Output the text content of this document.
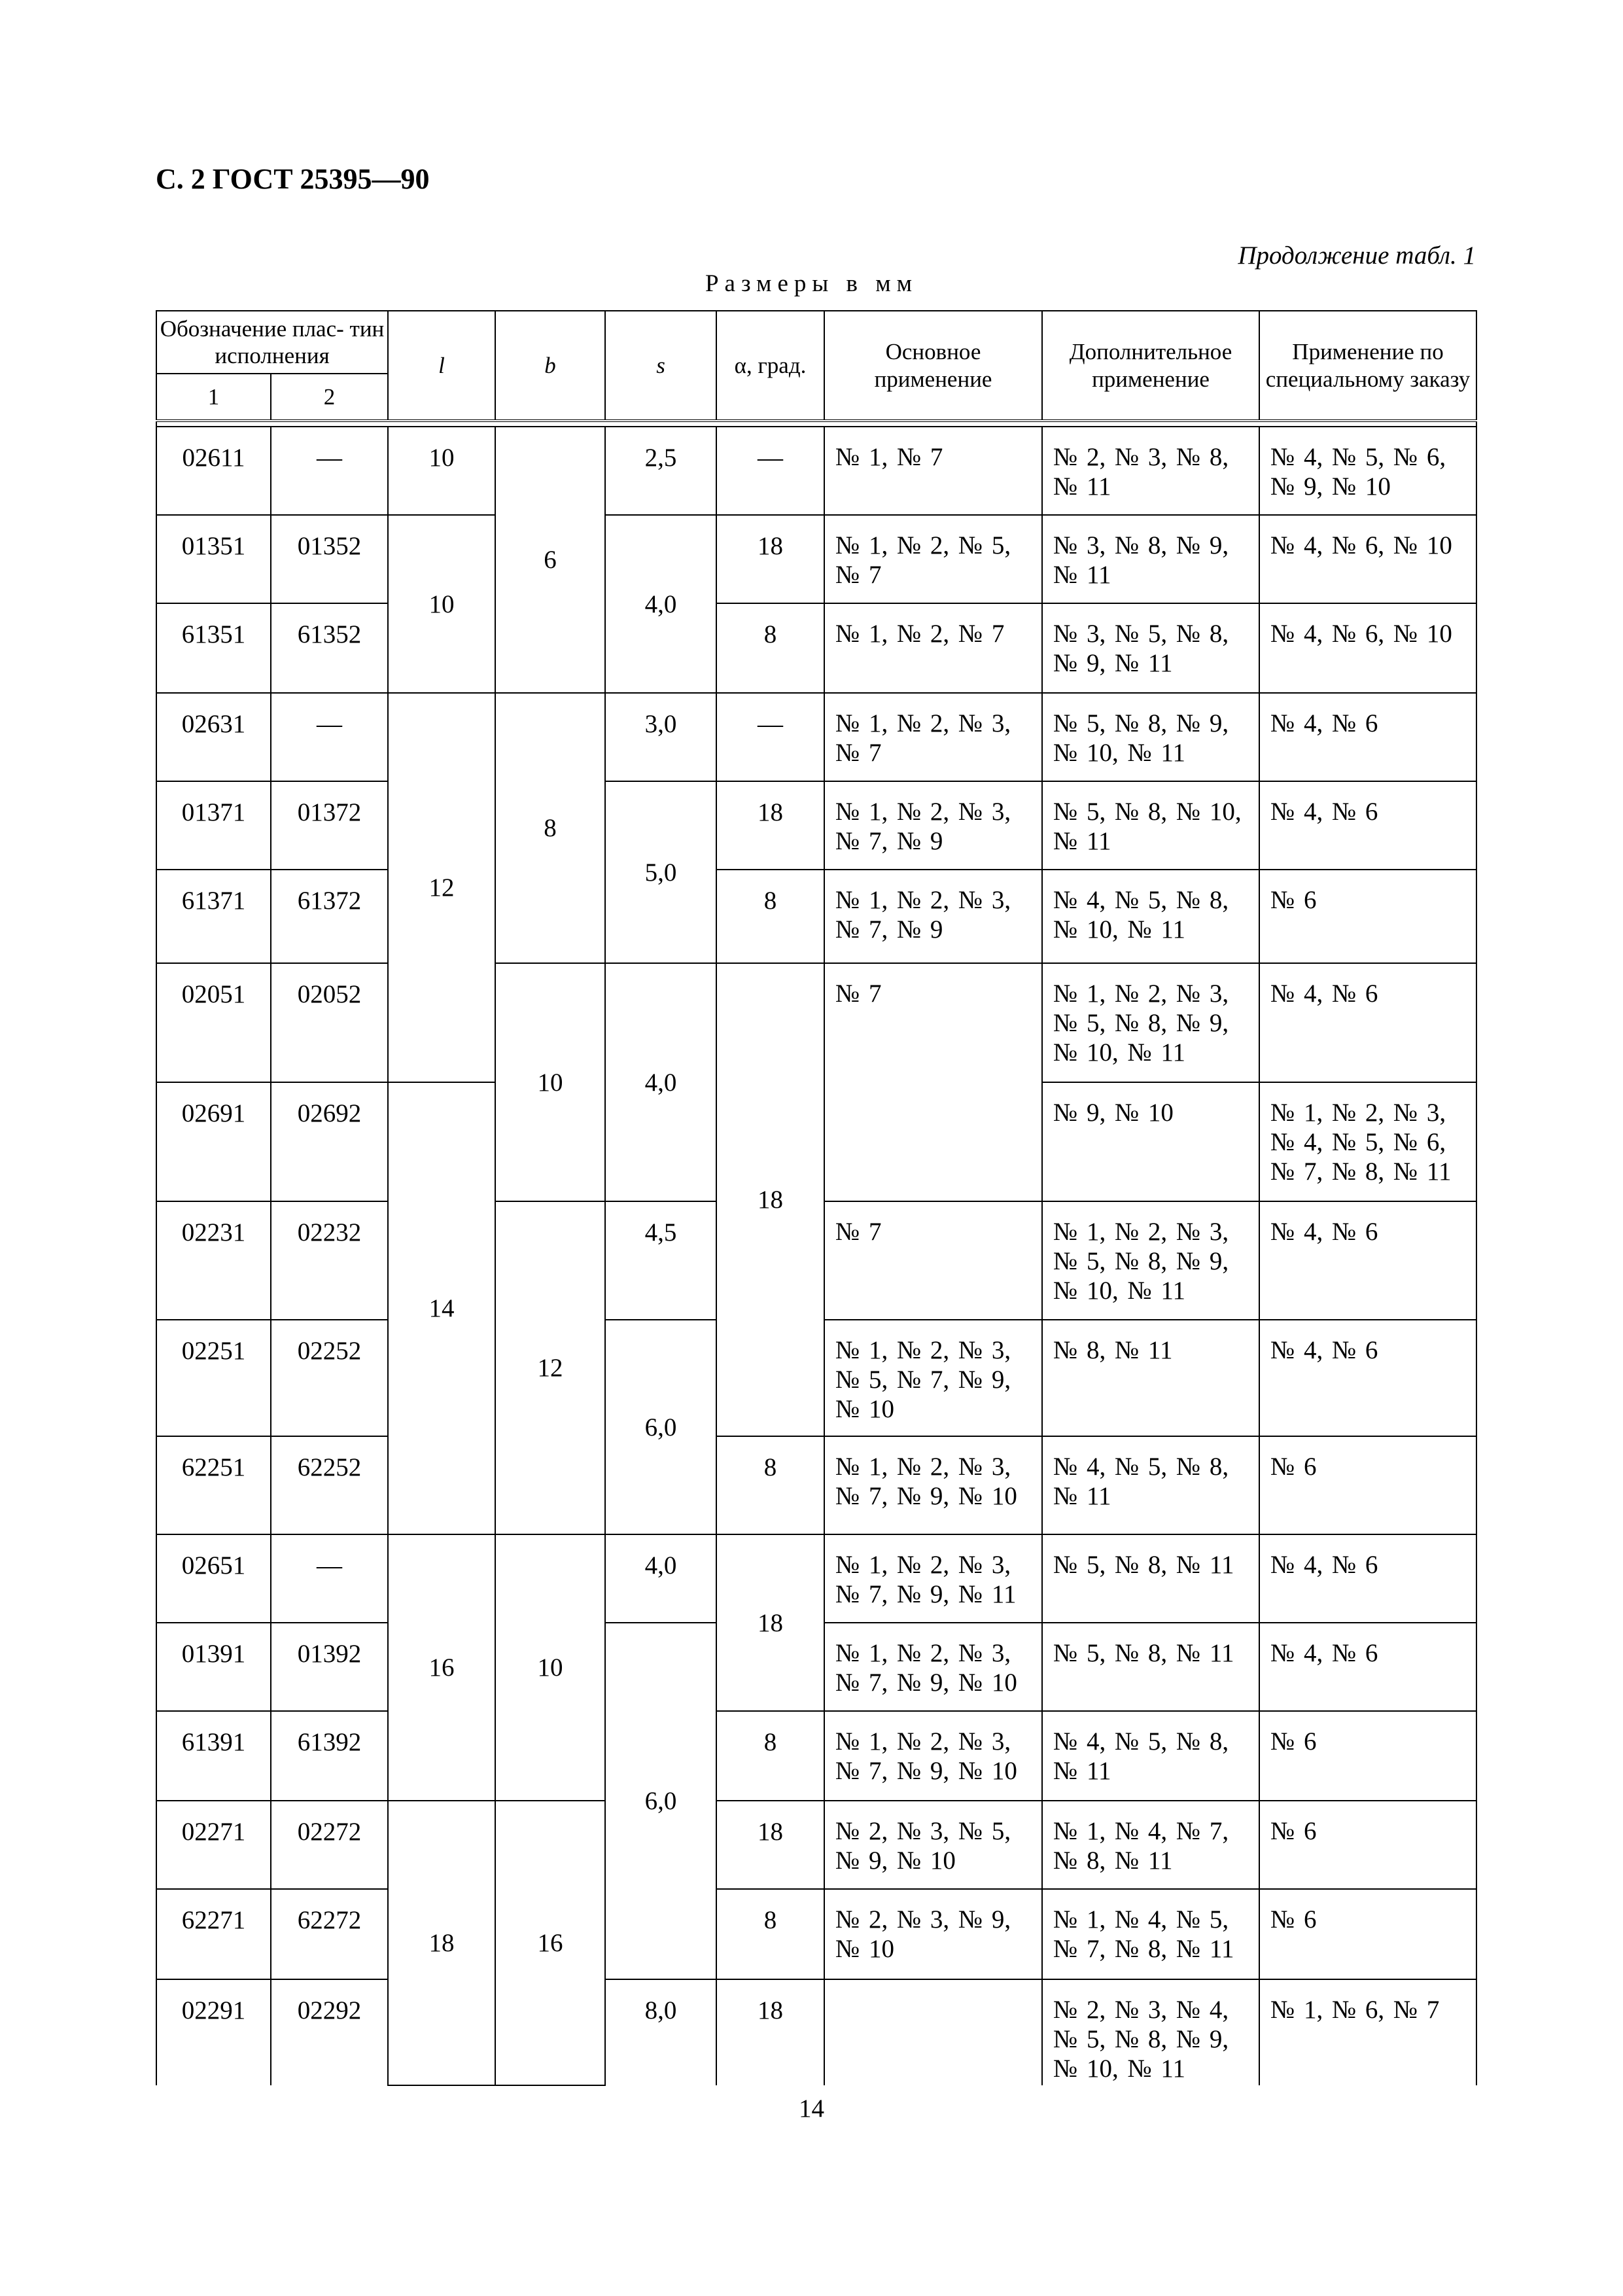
С. 2 ГОСТ 25395—90
Продолжение табл. 1
Размеры в мм
Обозначение плас- тин исполнения		l	b	s	α, град.	Основное применение	Дополнительное применение	Применение по специальному заказу
1	2							

02611	—	10	6	2,5	—	№ 1, № 7	№ 2, № 3, № 8, № 11	№ 4, № 5, № 6, № 9, № 10
01351	01352	10		4,0	18	№ 1, № 2, № 5, № 7	№ 3, № 8, № 9, № 11	№ 4, № 6, № 10
61351	61352				8	№ 1, № 2, № 7	№ 3, № 5, № 8, № 9, № 11	№ 4, № 6, № 10
02631	—	12	8	3,0	—	№ 1, № 2, № 3, № 7	№ 5, № 8, № 9, № 10, № 11	№ 4, № 6
01371	01372			5,0	18	№ 1, № 2, № 3, № 7, № 9	№ 5, № 8, № 10, № 11	№ 4, № 6
61371	61372				8	№ 1, № 2, № 3, № 7, № 9	№ 4, № 5, № 8, № 10, № 11	№ 6
02051	02052		10	4,0	18	№ 7	№ 1, № 2, № 3, № 5, № 8, № 9, № 10, № 11	№ 4, № 6
02691	02692	14					№ 9, № 10	№ 1, № 2, № 3, № 4, № 5, № 6, № 7, № 8, № 11
02231	02232		12	4,5		№ 7	№ 1, № 2, № 3, № 5, № 8, № 9, № 10, № 11	№ 4, № 6
02251	02252			6,0		№ 1, № 2, № 3, № 5, № 7, № 9, № 10	№ 8, № 11	№ 4, № 6
62251	62252				8	№ 1, № 2, № 3, № 7, № 9, № 10	№ 4, № 5, № 8, № 11	№ 6
02651	—	16	10	4,0	18	№ 1, № 2, № 3, № 7, № 9, № 11	№ 5, № 8, № 11	№ 4, № 6
01391	01392			6,0		№ 1, № 2, № 3, № 7, № 9, № 10	№ 5, № 8, № 11	№ 4, № 6
61391	61392				8	№ 1, № 2, № 3, № 7, № 9, № 10	№ 4, № 5, № 8, № 11	№ 6
02271	02272	18	16		18	№ 2, № 3, № 5, № 9, № 10	№ 1, № 4, № 7, № 8, № 11	№ 6
62271	62272				8	№ 2, № 3, № 9, № 10	№ 1, № 4, № 5, № 7, № 8, № 11	№ 6
02291	02292			8,0	18		№ 2, № 3, № 4, № 5, № 8, № 9, № 10, № 11	№ 1, № 6, № 7
14
